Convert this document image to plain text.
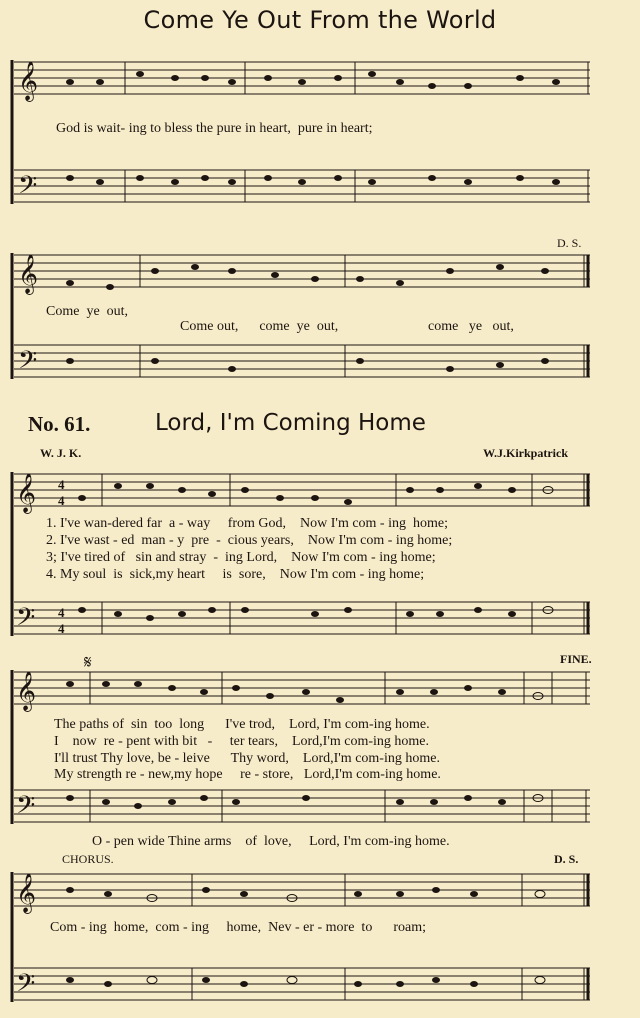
Come Ye Out From the World
𝄞
𝄢
God is wait- ing to bless the pure in heart,  pure in heart;
𝄞
𝄢
D. S.
Come  ye  out,
Come out,      come  ye  out,	come   ye   out,
No. 61.	Lord, I'm Coming Home
W. J. K.	W.J.Kirkpatrick
𝄞
𝄢
4
4
4
4
1. I've wan-dered far  a - way     from God,    Now I'm com - ing  home;
2. I've wast - ed  man - y  pre  -  cious years,    Now I'm com - ing home;
3; I've tired of   sin and stray  -  ing Lord,    Now I'm com - ing home;
4. My soul  is  sick,my heart     is  sore,    Now I'm com - ing home;
FINE.
𝄋
𝄞
𝄢
The paths of  sin  too  long      I've trod,    Lord, I'm com-ing home.
I    now  re - pent with bit   -     ter tears,    Lord,I'm com-ing home.
I'll trust Thy love, be - leive      Thy word,    Lord,I'm com-ing home.
My strength re - new,my hope     re - store,   Lord,I'm com-ing home.
O - pen wide Thine arms    of  love,     Lord, I'm com-ing home.
CHORUS.	D. S.
𝄞
𝄢
Com - ing  home,  com - ing     home,  Nev - er - more  to      roam;
